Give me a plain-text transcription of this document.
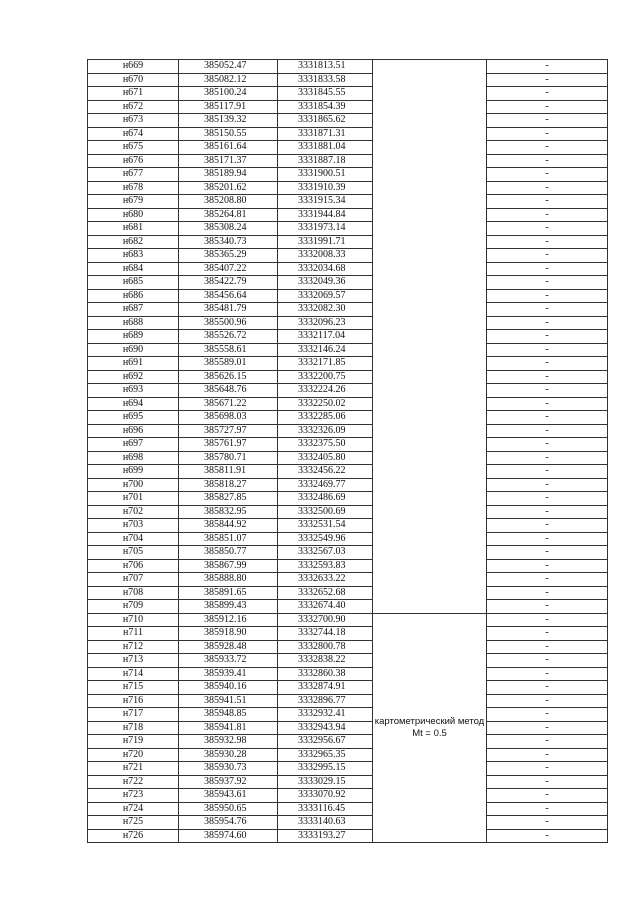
н669	385052.47	3331813.51		-
н670	385082.12	3331833.58		-
н671	385100.24	3331845.55		-
н672	385117.91	3331854.39		-
н673	385139.32	3331865.62		-
н674	385150.55	3331871.31		-
н675	385161.64	3331881.04		-
н676	385171.37	3331887.18		-
н677	385189.94	3331900.51		-
н678	385201.62	3331910.39		-
н679	385208.80	3331915.34		-
н680	385264.81	3331944.84		-
н681	385308.24	3331973.14		-
н682	385340.73	3331991.71		-
н683	385365.29	3332008.33		-
н684	385407.22	3332034.68		-
н685	385422.79	3332049.36		-
н686	385456.64	3332069.57		-
н687	385481.79	3332082.30		-
н688	385500.96	3332096.23		-
н689	385526.72	3332117.04		-
н690	385558.61	3332146.24		-
н691	385589.01	3332171.85		-
н692	385626.15	3332200.75		-
н693	385648.76	3332224.26		-
н694	385671.22	3332250.02		-
н695	385698.03	3332285.06		-
н696	385727.97	3332326.09		-
н697	385761.97	3332375.50		-
н698	385780.71	3332405.80		-
н699	385811.91	3332456.22		-
н700	385818.27	3332469.77		-
н701	385827.85	3332486.69		-
н702	385832.95	3332500.69		-
н703	385844.92	3332531.54		-
н704	385851.07	3332549.96		-
н705	385850.77	3332567.03		-
н706	385867.99	3332593.83		-
н707	385888.80	3332633.22		-
н708	385891.65	3332652.68		-
н709	385899.43	3332674.40		-
н710	385912.16	3332700.90	картометрический метод Mt = 0.5	-
н711	385918.90	3332744.18		-
н712	385928.48	3332800.78		-
н713	385933.72	3332838.22		-
н714	385939.41	3332860.38		-
н715	385940.16	3332874.91		-
н716	385941.51	3332896.77		-
н717	385948.85	3332932.41		-
н718	385941.81	3332943.94		-
н719	385932.98	3332956.67		-
н720	385930.28	3332965.35		-
н721	385930.73	3332995.15		-
н722	385937.92	3333029.15		-
н723	385943.61	3333070.92		-
н724	385950.65	3333116.45		-
н725	385954.76	3333140.63		-
н726	385974.60	3333193.27		-
